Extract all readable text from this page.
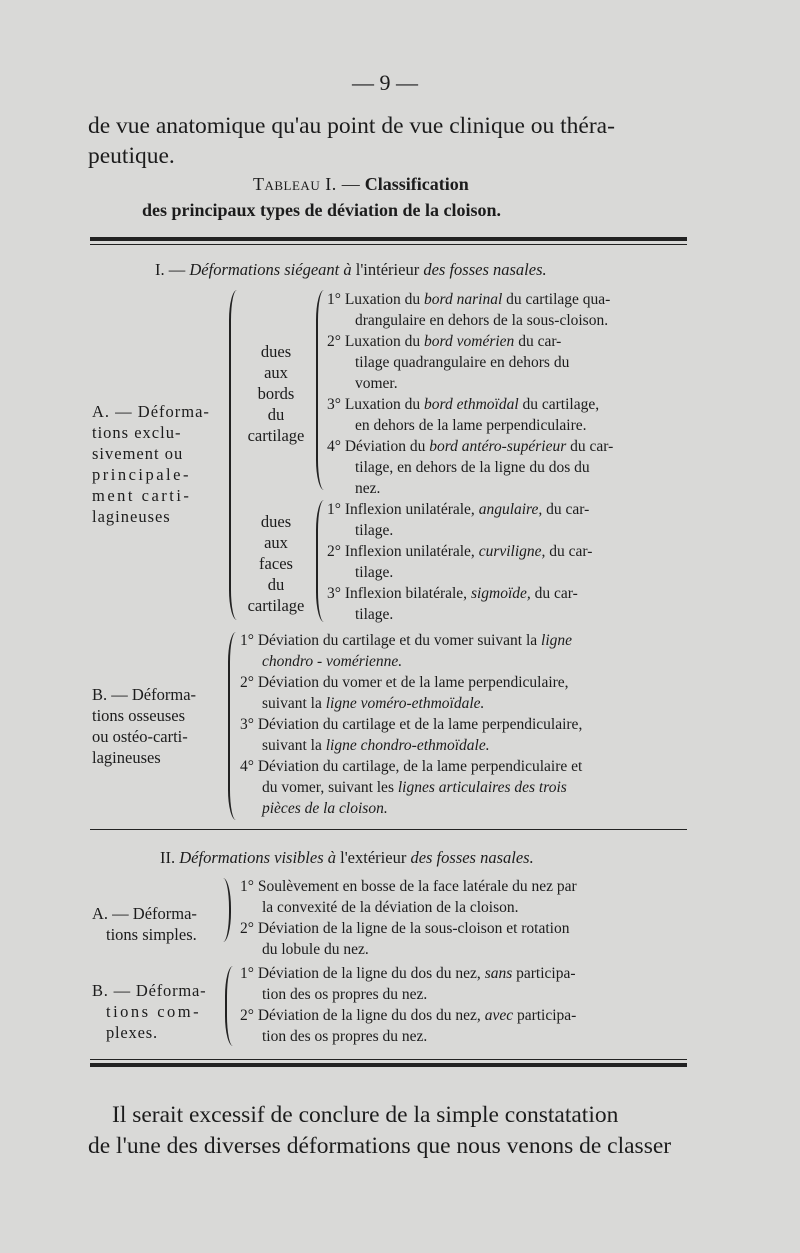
— 9 —
de vue anatomique qu'au point de vue clinique ou théra-
peutique.
Tableau I. — Classification
des principaux types de déviation de la cloison.
I. — Déformations siégeant à l'intérieur des fosses nasales.
A. — Déforma-
tions exclu-
sivement ou
principale-
ment carti-
lagineuses
dues
aux
bords
du
cartilage
1° Luxation du bord narinal du cartilage qua-
drangulaire en dehors de la sous-cloison.
2° Luxation du bord vomérien du car-
tilage quadrangulaire en dehors du
vomer.
3° Luxation du bord ethmoïdal du cartilage,
en dehors de la lame perpendiculaire.
4° Déviation du bord antéro-supérieur du car-
tilage, en dehors de la ligne du dos du
nez.
dues
aux
faces
du
cartilage
1° Inflexion unilatérale, angulaire, du car-
tilage.
2° Inflexion unilatérale, curviligne, du car-
tilage.
3° Inflexion bilatérale, sigmoïde, du car-
tilage.
B. — Déforma-
tions osseuses
ou ostéo-carti-
lagineuses
1° Déviation du cartilage et du vomer suivant la ligne
chondro - vomérienne.
2° Déviation du vomer et de la lame perpendiculaire,
suivant la ligne voméro-ethmoïdale.
3° Déviation du cartilage et de la lame perpendiculaire,
suivant la ligne chondro-ethmoïdale.
4° Déviation du cartilage, de la lame perpendiculaire et
du vomer, suivant les lignes articulaires des trois
pièces de la cloison.
II. Déformations visibles à l'extérieur des fosses nasales.
A. — Déforma-
tions simples.
1° Soulèvement en bosse de la face latérale du nez par
la convexité de la déviation de la cloison.
2° Déviation de la ligne de la sous-cloison et rotation
du lobule du nez.
B. — Déforma-
tions com-
plexes.
1° Déviation de la ligne du dos du nez, sans participa-
tion des os propres du nez.
2° Déviation de la ligne du dos du nez, avec participa-
tion des os propres du nez.
Il serait excessif de conclure de la simple constatation
de l'une des diverses déformations que nous venons de classer
